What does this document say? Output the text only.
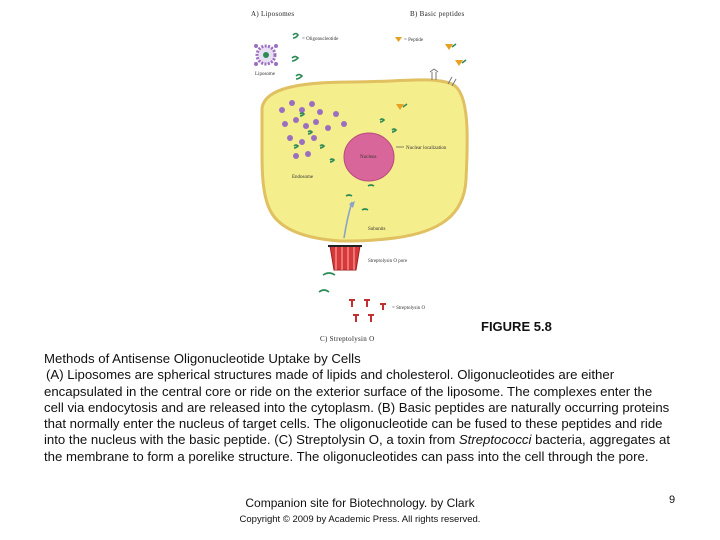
A) Liposomes	B) Basic peptides
= Oligonucleotide	= Peptide
Liposome
Endosome
Nucleus
Nuclear localization
Subunits
Streptolysin O pore
= Streptolysin O
C) Streptolysin O
FIGURE 5.8

Methods of Antisense Oligonucleotide Uptake by Cells

(A) Liposomes are spherical structures made of lipids and cholesterol. Oligonucleotides are either encapsulated in the central core or ride on the exterior surface of the liposome. The complexes enter the cell via endocytosis and are released into the cytoplasm. (B) Basic peptides are naturally occurring proteins that normally enter the nucleus of target cells. The oligonucleotide can be fused to these peptides and ride into the nucleus with the basic peptide. (C) Streptolysin O, a toxin from Streptococci bacteria, aggregates at the membrane to form a porelike structure. The oligonucleotides can pass into the cell through the pore.

Companion site for Biotechnology. by Clark
Copyright © 2009 by Academic Press. All rights reserved.
9
